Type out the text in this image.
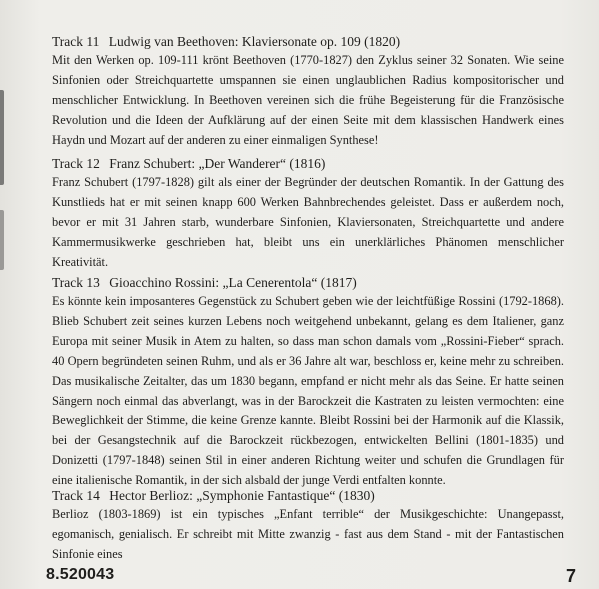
Track 11 Ludwig van Beethoven: Klaviersonate op. 109 (1820)

Mit den Werken op. 109-111 krönt Beethoven (1770-1827) den Zyklus seiner 32 Sonaten. Wie seine Sinfonien oder Streichquartette umspannen sie einen unglaublichen Radius kompositorischer und menschlicher Entwicklung. In Beethoven vereinen sich die frühe Begeisterung für die Französische Revolution und die Ideen der Aufklärung auf der einen Seite mit dem klassischen Handwerk eines Haydn und Mozart auf der anderen zu einer einmaligen Synthese!

Track 12 Franz Schubert: „Der Wanderer“ (1816)

Franz Schubert (1797-1828) gilt als einer der Begründer der deutschen Romantik. In der Gattung des Kunstlieds hat er mit seinen knapp 600 Werken Bahnbrechendes geleistet. Dass er außerdem noch, bevor er mit 31 Jahren starb, wunderbare Sinfonien, Klaviersonaten, Streichquartette und andere Kammermusikwerke geschrieben hat, bleibt uns ein unerklärliches Phänomen menschlicher Kreativität.

Track 13 Gioacchino Rossini: „La Cenerentola“ (1817)

Es könnte kein imposanteres Gegenstück zu Schubert geben wie der leichtfüßige Rossini (1792-1868). Blieb Schubert zeit seines kurzen Lebens noch weitgehend unbekannt, gelang es dem Italiener, ganz Europa mit seiner Musik in Atem zu halten, so dass man schon damals vom „Rossini-Fieber“ sprach. 40 Opern begründeten seinen Ruhm, und als er 36 Jahre alt war, beschloss er, keine mehr zu schreiben. Das musikalische Zeitalter, das um 1830 begann, empfand er nicht mehr als das Seine. Er hatte seinen Sängern noch einmal das abverlangt, was in der Barockzeit die Kastraten zu leisten vermochten: eine Beweglichkeit der Stimme, die keine Grenze kannte. Bleibt Rossini bei der Harmonik auf die Klassik, bei der Gesangstechnik auf die Barockzeit rückbezogen, entwickelten Bellini (1801-1835) und Donizetti (1797-1848) seinen Stil in einer anderen Richtung weiter und schufen die Grundlagen für eine italienische Romantik, in der sich alsbald der junge Verdi entfalten konnte.

Track 14 Hector Berlioz: „Symphonie Fantastique“ (1830)

Berlioz (1803-1869) ist ein typisches „Enfant terrible“ der Musikgeschichte: Unangepasst, egomanisch, genialisch. Er schreibt mit Mitte zwanzig - fast aus dem Stand - mit der Fantastischen Sinfonie eines

8.520043	7
